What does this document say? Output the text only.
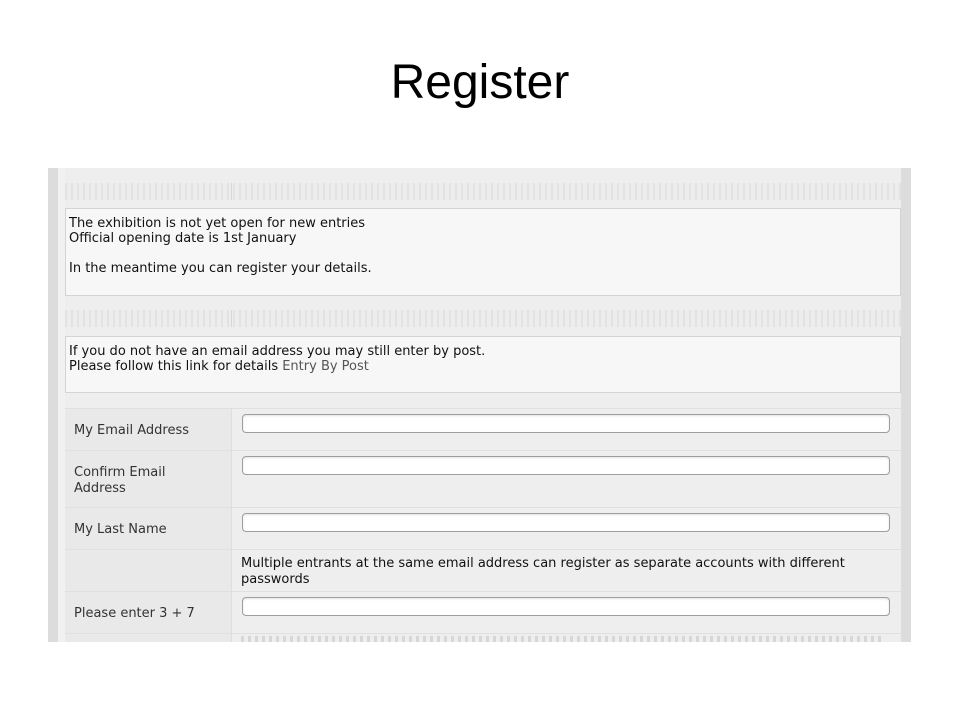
Register
The exhibition is not yet open for new entries
Official opening date is 1st January
In the meantime you can register your details.
If you do not have an email address you may still enter by post.
Please follow this link for details Entry By Post
My Email Address
Confirm Email Address
My Last Name
Multiple entrants at the same email address can register as separate accounts with different passwords
Please enter 3 + 7
